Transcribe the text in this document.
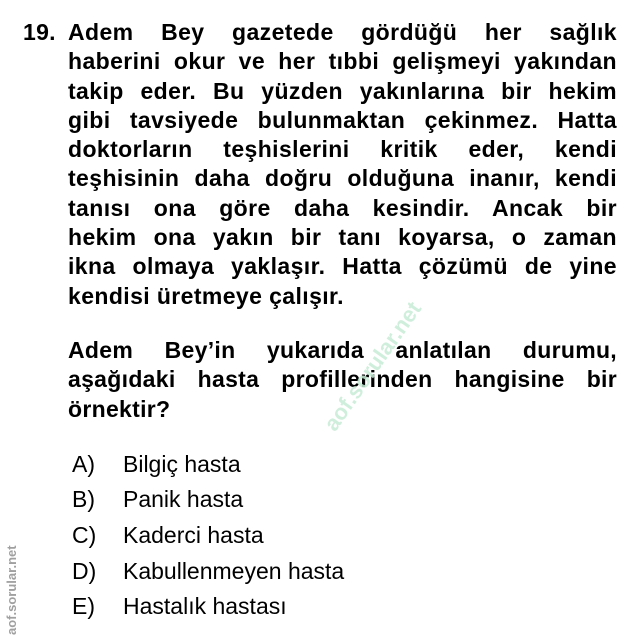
19. Adem Bey gazetede gördüğü her sağlık
haberini okur ve her tıbbi gelişmeyi yakından
takip eder. Bu yüzden yakınlarına bir hekim
gibi tavsiyede bulunmaktan çekinmez. Hatta
doktorların teşhislerini kritik eder, kendi
teşhisinin daha doğru olduğuna inanır, kendi
tanısı ona göre daha kesindir. Ancak bir
hekim ona yakın bir tanı koyarsa, o zaman
ikna olmaya yaklaşır. Hatta çözümü de yine
kendisi üretmeye çalışır.
Adem Bey’in yukarıda anlatılan durumu,
aşağıdaki hasta profillerinden hangisine bir
örnektir?
A)	Bilgiç hasta
B)	Panik hasta
C)	Kaderci hasta
D)	Kabullenmeyen hasta
E)	Hastalık hastası
aof.sorular.net
aof.sorular.net
